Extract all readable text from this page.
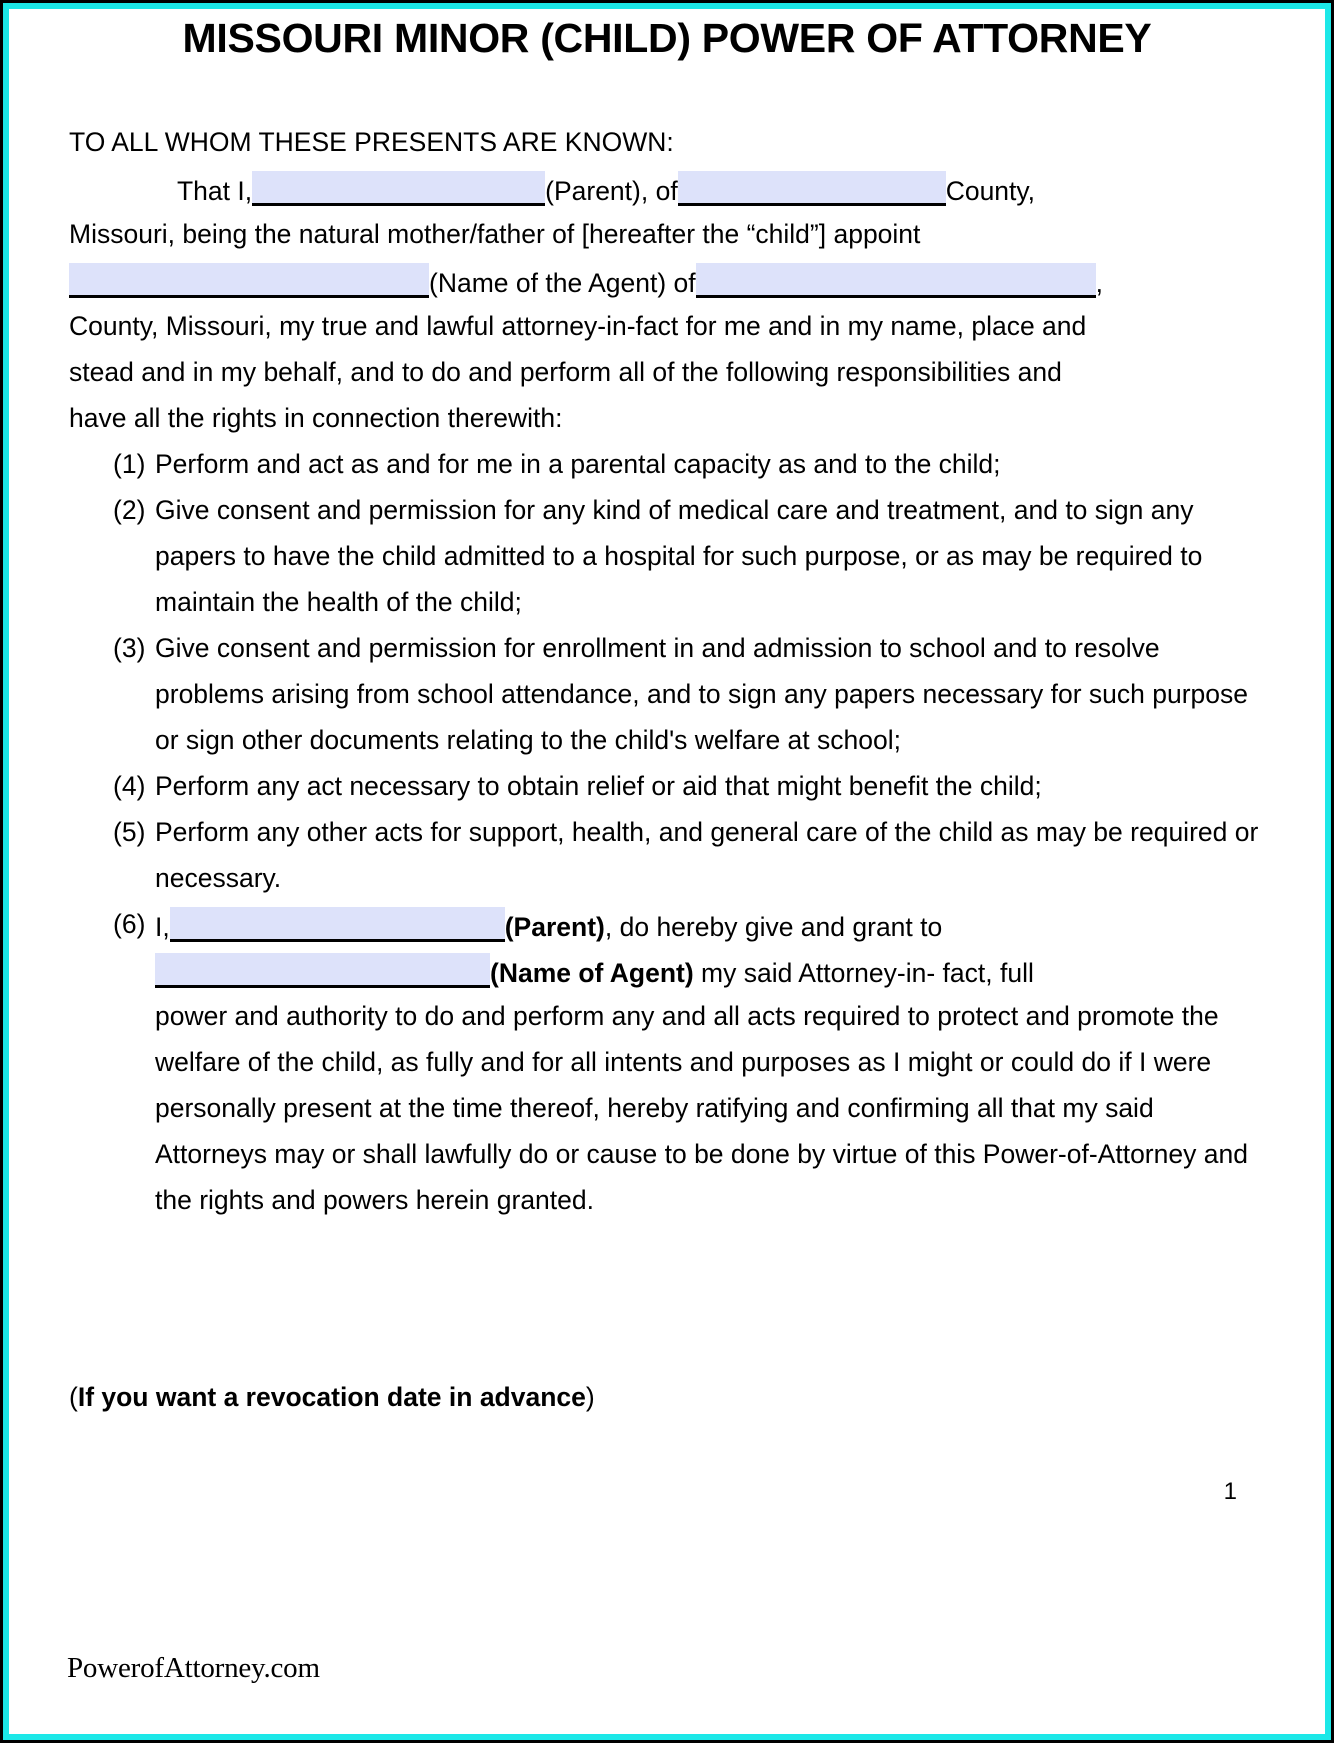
MISSOURI MINOR (CHILD) POWER OF ATTORNEY
TO ALL WHOM THESE PRESENTS ARE KNOWN:
That I,	(Parent), of	County,
Missouri, being the natural mother/father of [hereafter the “child”] appoint
(Name of the Agent) of	,
County, Missouri, my true and lawful attorney-in-fact for me and in my name, place and
stead and in my behalf, and to do and perform all of the following responsibilities and
have all the rights in connection therewith:
(1) Perform and act as and for me in a parental capacity as and to the child;
(2) Give consent and permission for any kind of medical care and treatment, and to sign any papers to have the child admitted to a hospital for such purpose, or as may be required to maintain the health of the child;
(3) Give consent and permission for enrollment in and admission to school and to resolve problems arising from school attendance, and to sign any papers necessary for such purpose or sign other documents relating to the child's welfare at school;
(4) Perform any act necessary to obtain relief or aid that might benefit the child;
(5) Perform any other acts for support, health, and general care of the child as may be required or necessary.
(6) I,	(Parent), do hereby give and grant to
(Name of Agent) my said Attorney-in- fact, full
power and authority to do and perform any and all acts required to protect and promote the welfare of the child, as fully and for all intents and purposes as I might or could do if I were personally present at the time thereof, hereby ratifying and confirming all that my said Attorneys may or shall lawfully do or cause to be done by virtue of this Power-of-Attorney and the rights and powers herein granted.
(If you want a revocation date in advance)
1
PowerofAttorney.com
